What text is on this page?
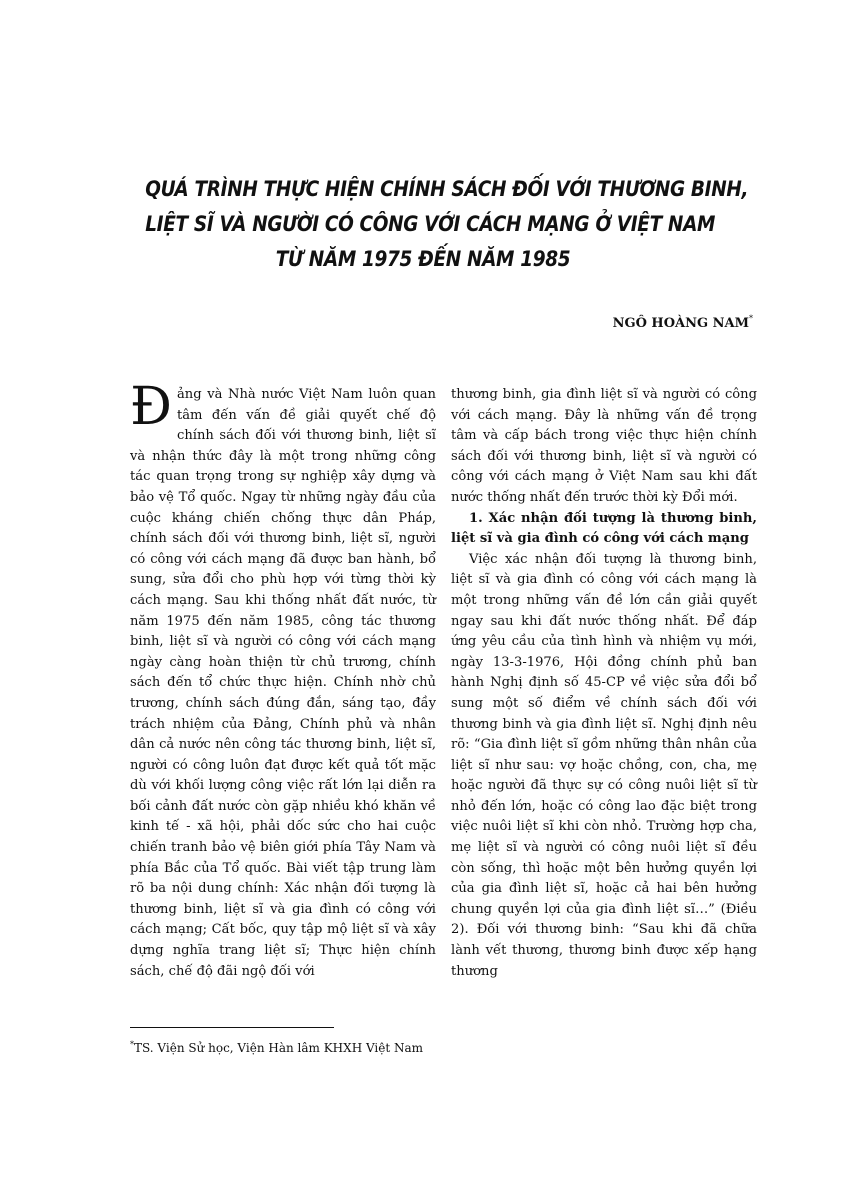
QUÁ TRÌNH THỰC HIỆN CHÍNH SÁCH ĐỐI VỚI THƯƠNG BINH,
LIỆT SĨ VÀ NGƯỜI CÓ CÔNG VỚI CÁCH MẠNG Ở VIỆT NAM
TỪ NĂM 1975 ĐẾN NĂM 1985
NGÔ HOÀNG NAM*

Đảng và Nhà nước Việt Nam luôn quan tâm đến vấn đề giải quyết chế độ chính sách đối với thương binh, liệt sĩ và nhận thức đây là một trong những công tác quan trọng trong sự nghiệp xây dựng và bảo vệ Tổ quốc. Ngay từ những ngày đầu của cuộc kháng chiến chống thực dân Pháp, chính sách đối với thương binh, liệt sĩ, người có công với cách mạng đã được ban hành, bổ sung, sửa đổi cho phù hợp với từng thời kỳ cách mạng. Sau khi thống nhất đất nước, từ năm 1975 đến năm 1985, công tác thương binh, liệt sĩ và người có công với cách mạng ngày càng hoàn thiện từ chủ trương, chính sách đến tổ chức thực hiện. Chính nhờ chủ trương, chính sách đúng đắn, sáng tạo, đầy trách nhiệm của Đảng, Chính phủ và nhân dân cả nước nên công tác thương binh, liệt sĩ, người có công luôn đạt được kết quả tốt mặc dù với khối lượng công việc rất lớn lại diễn ra bối cảnh đất nước còn gặp nhiều khó khăn về kinh tế - xã hội, phải dốc sức cho hai cuộc chiến tranh bảo vệ biên giới phía Tây Nam và phía Bắc của Tổ quốc. Bài viết tập trung làm rõ ba nội dung chính: Xác nhận đối tượng là thương binh, liệt sĩ và gia đình có công với cách mạng; Cất bốc, quy tập mộ liệt sĩ và xây dựng nghĩa trang liệt sĩ; Thực hiện chính sách, chế độ đãi ngộ đối với

thương binh, gia đình liệt sĩ và người có công với cách mạng. Đây là những vấn đề trọng tâm và cấp bách trong việc thực hiện chính sách đối với thương binh, liệt sĩ và người có công với cách mạng ở Việt Nam sau khi đất nước thống nhất đến trước thời kỳ Đổi mới.

1. Xác nhận đối tượng là thương binh, liệt sĩ và gia đình có công với cách mạng

Việc xác nhận đối tượng là thương binh, liệt sĩ và gia đình có công với cách mạng là một trong những vấn đề lớn cần giải quyết ngay sau khi đất nước thống nhất. Để đáp ứng yêu cầu của tình hình và nhiệm vụ mới, ngày 13-3-1976, Hội đồng chính phủ ban hành Nghị định số 45-CP về việc sửa đổi bổ sung một số điểm về chính sách đối với thương binh và gia đình liệt sĩ. Nghị định nêu rõ: “Gia đình liệt sĩ gồm những thân nhân của liệt sĩ như sau: vợ hoặc chồng, con, cha, mẹ hoặc người đã thực sự có công nuôi liệt sĩ từ nhỏ đến lớn, hoặc có công lao đặc biệt trong việc nuôi liệt sĩ khi còn nhỏ. Trường hợp cha, mẹ liệt sĩ và người có công nuôi liệt sĩ đều còn sống, thì hoặc một bên hưởng quyền lợi của gia đình liệt sĩ, hoặc cả hai bên hưởng chung quyền lợi của gia đình liệt sĩ…” (Điều 2). Đối với thương binh: “Sau khi đã chữa lành vết thương, thương binh được xếp hạng thương

*TS. Viện Sử học, Viện Hàn lâm KHXH Việt Nam
